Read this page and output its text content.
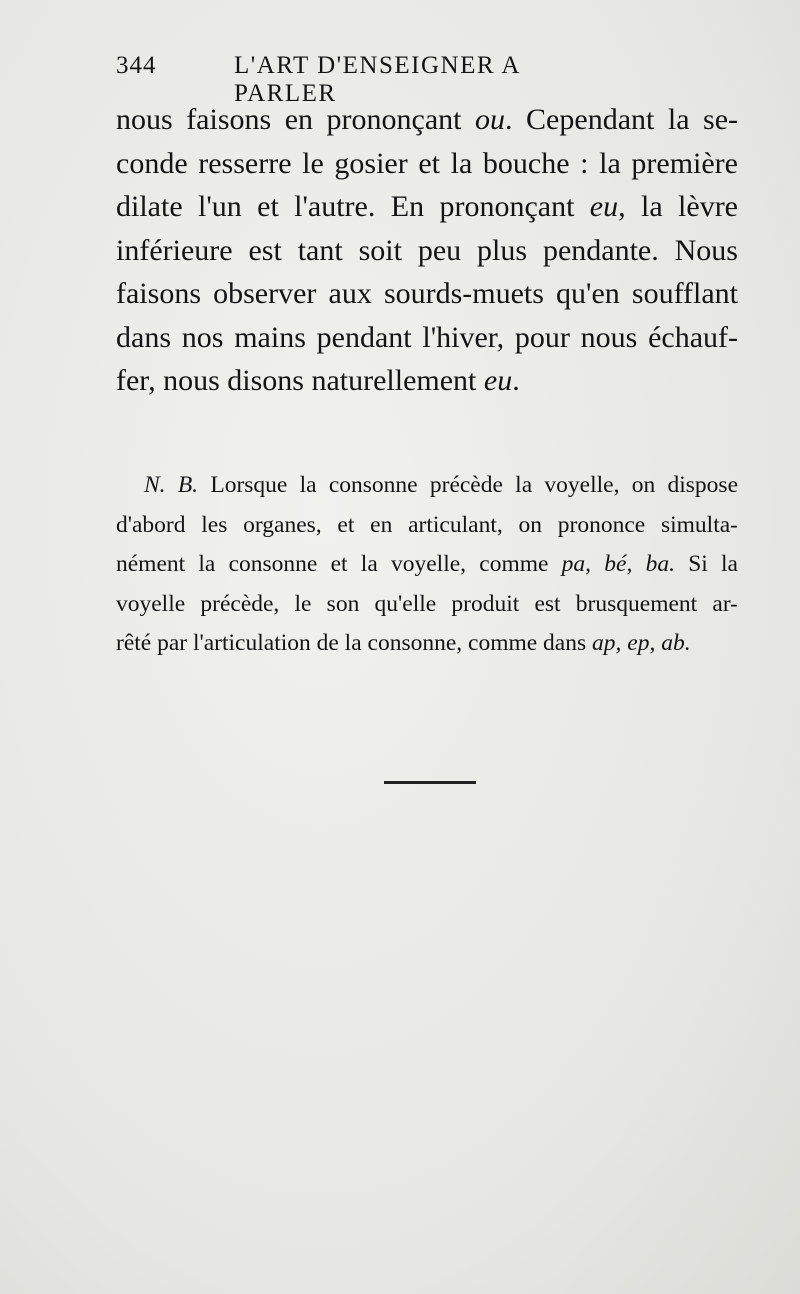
344	L'ART D'ENSEIGNER A PARLER
nous faisons en prononçant ou. Cependant la se-
conde resserre le gosier et la bouche : la première
dilate l'un et l'autre. En prononçant eu, la lèvre
inférieure est tant soit peu plus pendante. Nous
faisons observer aux sourds-muets qu'en soufflant
dans nos mains pendant l'hiver, pour nous échauf-
fer, nous disons naturellement eu.
N. B. Lorsque la consonne précède la voyelle, on dispose
d'abord les organes, et en articulant, on prononce simulta-
nément la consonne et la voyelle, comme pa, bé, ba. Si la
voyelle précède, le son qu'elle produit est brusquement ar-
rêté par l'articulation de la consonne, comme dans ap, ep, ab.
